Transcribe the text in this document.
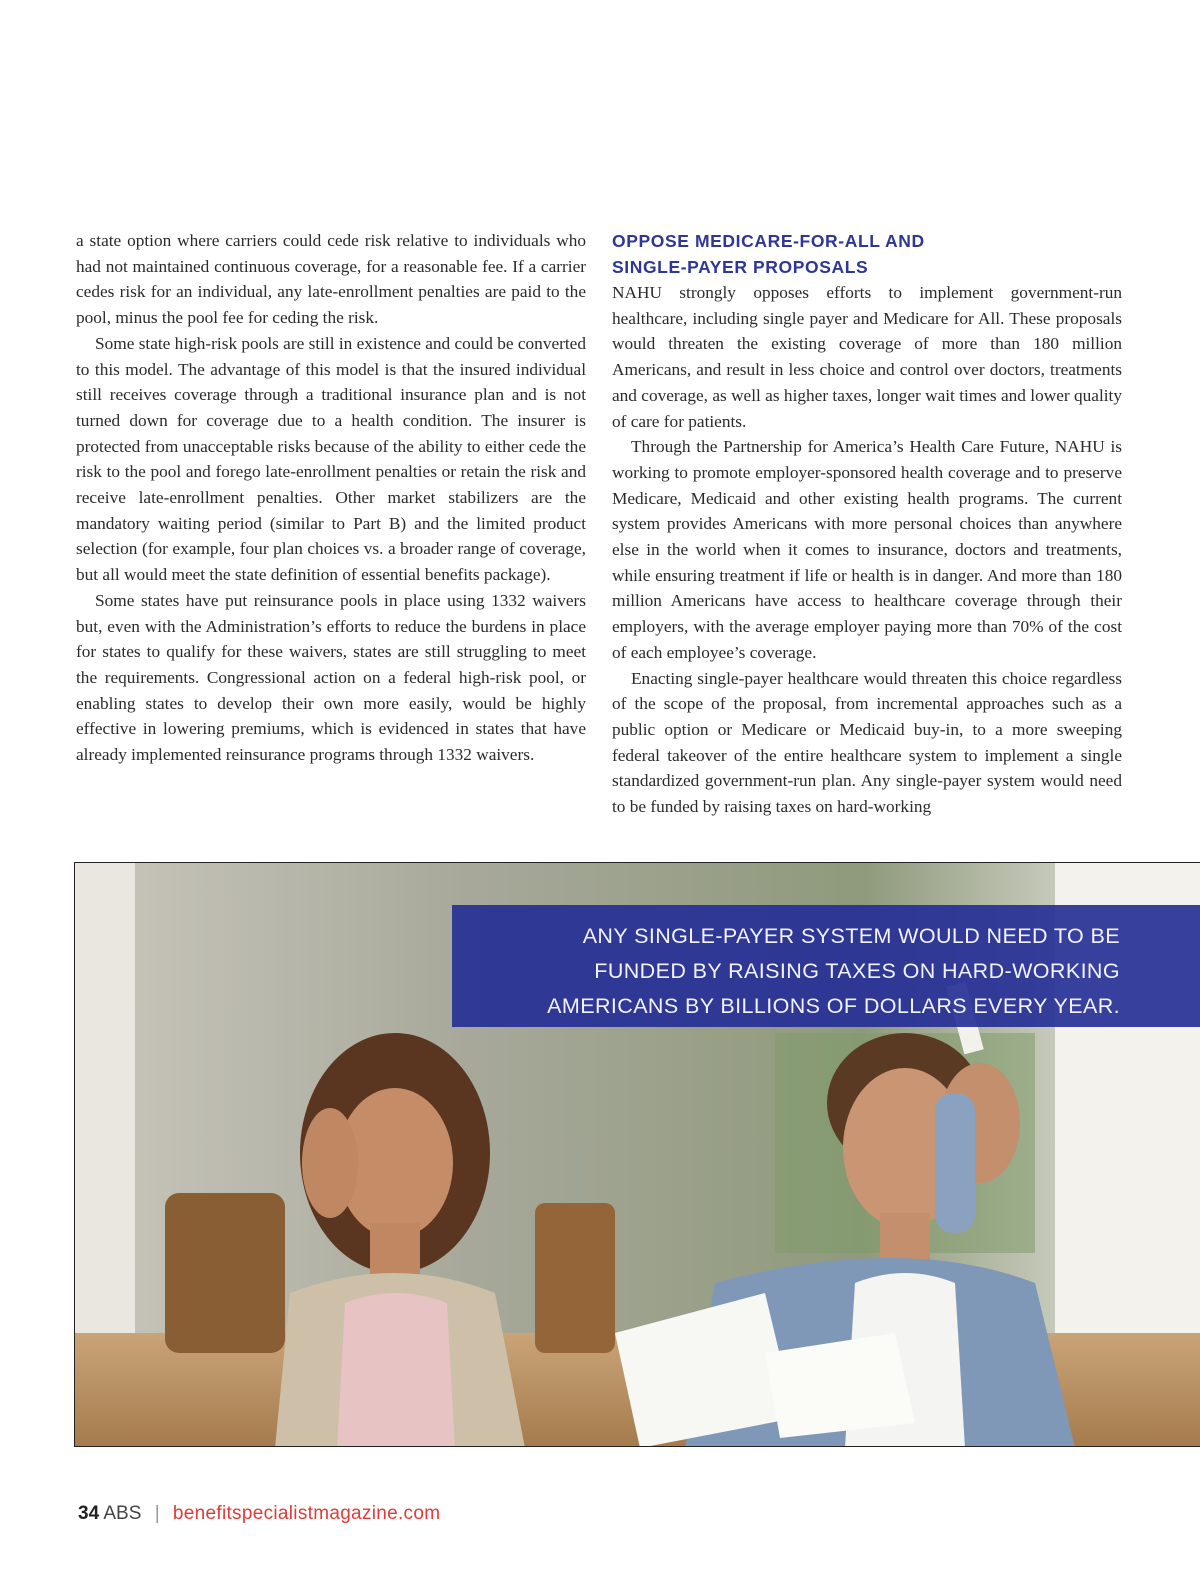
a state option where carriers could cede risk relative to individuals who had not maintained continuous coverage, for a reasonable fee. If a carrier cedes risk for an individual, any late-enrollment penalties are paid to the pool, minus the pool fee for ceding the risk.

Some state high-risk pools are still in existence and could be converted to this model. The advantage of this model is that the insured individual still receives coverage through a traditional insurance plan and is not turned down for coverage due to a health condition. The insurer is protected from unacceptable risks because of the ability to either cede the risk to the pool and forego late-enrollment penalties or retain the risk and receive late-enrollment penalties. Other market stabilizers are the mandatory waiting period (similar to Part B) and the limited product selection (for example, four plan choices vs. a broader range of coverage, but all would meet the state definition of essential benefits package).

Some states have put reinsurance pools in place using 1332 waivers but, even with the Administration’s efforts to reduce the burdens in place for states to qualify for these waivers, states are still struggling to meet the requirements. Congressional action on a federal high-risk pool, or enabling states to develop their own more easily, would be highly effective in lowering premiums, which is evidenced in states that have already implemented reinsurance programs through 1332 waivers.

OPPOSE MEDICARE-FOR-ALL AND
SINGLE-PAYER PROPOSALS

NAHU strongly opposes efforts to implement government-run healthcare, including single payer and Medicare for All. These proposals would threaten the existing coverage of more than 180 million Americans, and result in less choice and control over doctors, treatments and coverage, as well as higher taxes, longer wait times and lower quality of care for patients.

Through the Partnership for America’s Health Care Future, NAHU is working to promote employer-sponsored health coverage and to preserve Medicare, Medicaid and other existing health programs. The current system provides Americans with more personal choices than anywhere else in the world when it comes to insurance, doctors and treatments, while ensuring treatment if life or health is in danger. And more than 180 million Americans have access to healthcare coverage through their employers, with the average employer paying more than 70% of the cost of each employee’s coverage.

Enacting single-payer healthcare would threaten this choice regardless of the scope of the proposal, from incremental approaches such as a public option or Medicare or Medicaid buy-in, to a more sweeping federal takeover of the entire healthcare system to implement a single standardized government-run plan. Any single-payer system would need to be funded by raising taxes on hard-working

ANY SINGLE-PAYER SYSTEM WOULD NEED TO BE
FUNDED BY RAISING TAXES ON HARD-WORKING
AMERICANS BY BILLIONS OF DOLLARS EVERY YEAR.
34 ABS | benefitspecialistmagazine.com
